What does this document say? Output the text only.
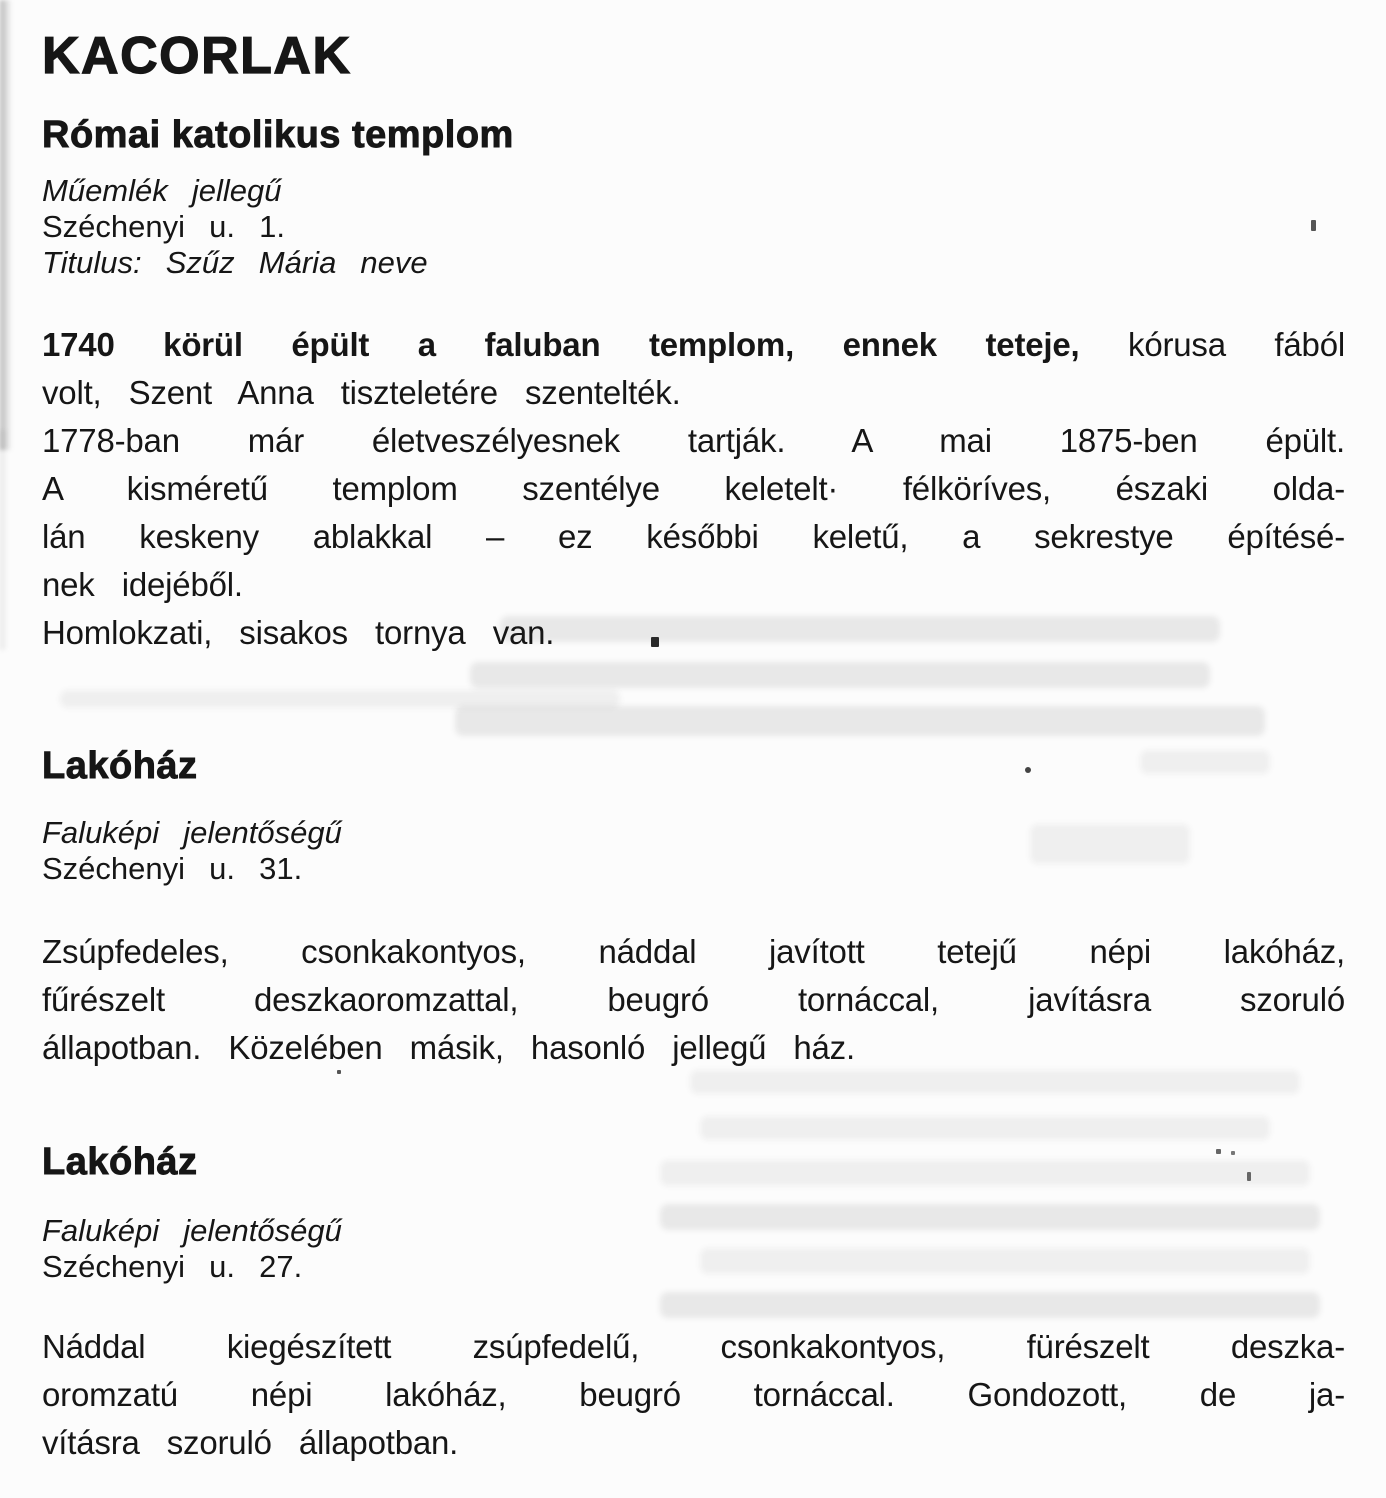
KACORLAK
Római katolikus templom
Műemlék jellegű
Széchenyi u. 1.
Titulus: Szűz Mária neve

1740 körül épült a faluban templom, ennek teteje, kórusa fából
volt, Szent Anna tiszteletére szentelték.

1778-ban már életveszélyesnek tartják. A mai 1875-ben épült.
A kisméretű templom szentélye keletelt· félköríves, északi olda-
lán keskeny ablakkal – ez későbbi keletű, a sekrestye építésé-
nek idejéből.

Homlokzati, sisakos tornya van.

Lakóház
Faluképi jelentőségű
Széchenyi u. 31.

Zsúpfedeles, csonkakontyos, náddal javított tetejű népi lakóház,
fűrészelt deszkaoromzattal, beugró tornáccal, javításra szoruló
állapotban. Közelében másik, hasonló jellegű ház.

Lakóház
Faluképi jelentőségű
Széchenyi u. 27.

Náddal kiegészített zsúpfedelű, csonkakontyos, fürészelt deszka-
oromzatú népi lakóház, beugró tornáccal. Gondozott, de ja-
vításra szoruló állapotban.
